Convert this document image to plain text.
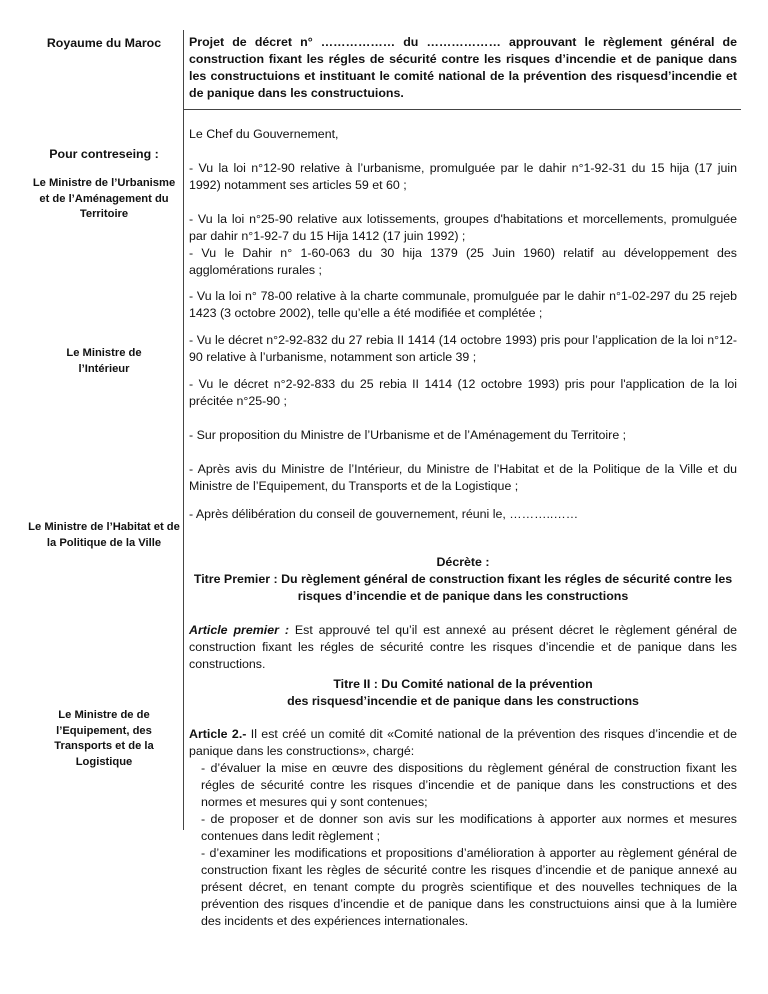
Royaume du Maroc
Pour contreseing :
Le Ministre de l’Urbanisme et de l’Aménagement du Territoire
Le Ministre de l’Intérieur
Le Ministre de l’Habitat et de la Politique de la Ville
Le Ministre de de l’Equipement, des Transports et de la Logistique
Projet de décret n° ……………… du ……………… approuvant le règlement général de construction fixant les régles de sécurité contre les risques d’incendie et de panique dans les constructuions et instituant le comité national de la prévention des risquesd’incendie et de panique dans les constructuions.
Le Chef du Gouvernement,
- Vu la loi n°12-90 relative à l’urbanisme, promulguée par le dahir n°1-92-31 du 15 hija (17 juin 1992) notamment ses articles 59 et 60 ;
- Vu la loi n°25-90 relative aux lotissements, groupes d'habitations et morcellements, promulguée par dahir n°1-92-7 du 15 Hija 1412 (17 juin 1992) ;
- Vu le Dahir n° 1-60-063 du 30 hija 1379 (25 Juin 1960) relatif au développement des agglomérations rurales ;
- Vu la loi n° 78-00 relative à la charte communale, promulguée par le dahir n°1-02-297 du 25 rejeb 1423 (3 octobre 2002), telle qu’elle a été modifiée et complétée ;
- Vu le décret n°2-92-832 du 27 rebia II 1414 (14 octobre 1993) pris pour l’application de la loi n°12-90 relative à l’urbanisme, notamment son article 39 ;
- Vu le décret n°2-92-833 du 25 rebia II 1414 (12 octobre 1993) pris pour l'application de la loi précitée n°25-90 ;
- Sur proposition du Ministre de l’Urbanisme et de l’Aménagement du Territoire ;
- Après avis du Ministre de l’Intérieur, du Ministre de l’Habitat et de la Politique de la Ville et du Ministre de l’Equipement, du Transports et de la Logistique ;
- Après délibération du conseil de gouvernement, réuni le, ………..……
Décrète :
Titre Premier : Du règlement général de construction fixant les régles de sécurité contre les risques d’incendie et de panique dans les constructions
Article premier : Est approuvé tel qu’il est annexé au présent décret le règlement général de construction fixant les régles de sécurité contre les risques d’incendie et de panique dans les constructions.
Titre II : Du Comité national de la prévention
des risquesd’incendie et de panique dans les constructions
Article 2.- Il est créé un comité dit «Comité national de la prévention des risques d’incendie et de panique dans les constructions», chargé:
- d’évaluer la mise en œuvre des dispositions du règlement général de construction fixant les régles de sécurité contre les risques d’incendie et de panique dans les constructions et des normes et mesures qui y sont contenues;
- de proposer et de donner son avis sur les modifications à apporter aux normes et mesures contenues dans ledit règlement ;
- d’examiner les modifications et propositions d’amélioration à apporter au règlement général de construction fixant les règles de sécurité contre les risques d’incendie et de panique annexé au présent décret, en tenant compte du progrès scientifique et des nouvelles techniques de la prévention des risques d’incendie et de panique dans les constructuions ainsi que à la lumière des incidents et des expériences internationales.
